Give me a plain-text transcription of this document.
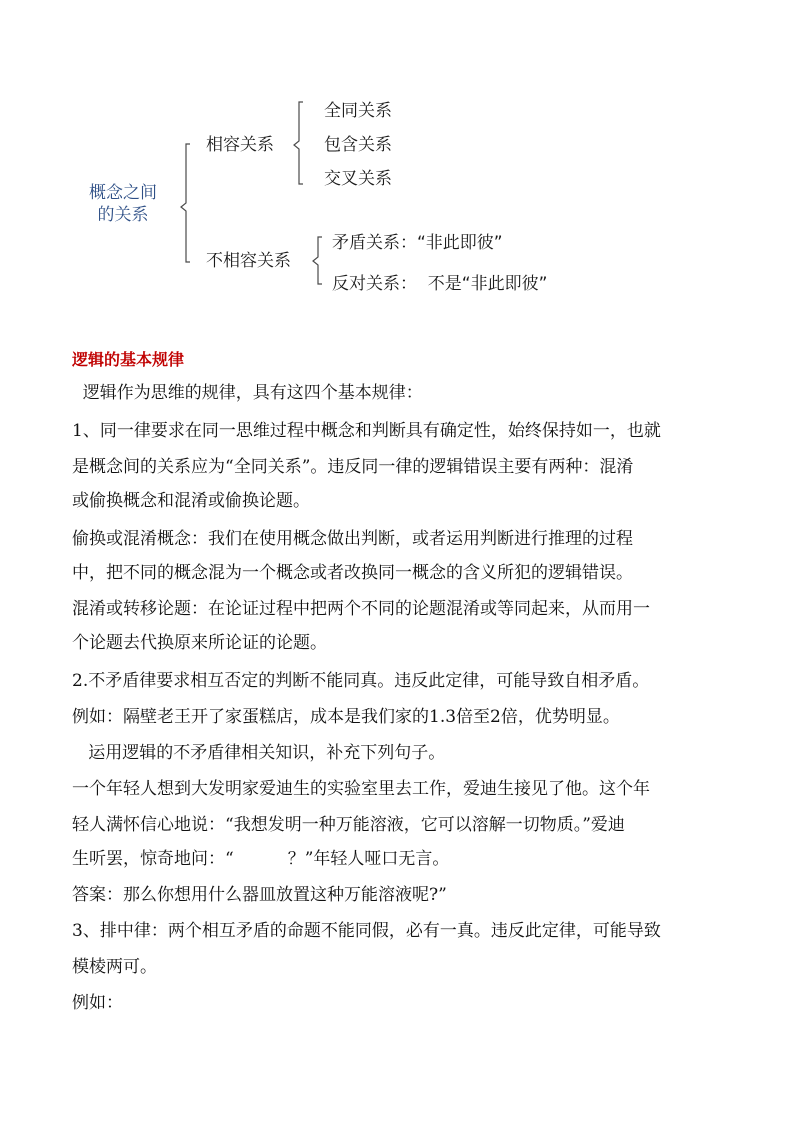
概念之间
的关系
相容关系
全同关系
包含关系
交叉关系
不相容关系
矛盾关系：“非此即彼”
反对关系：  不是“非此即彼”
逻辑的基本规律
逻辑作为思维的规律，具有这四个基本规律：
1、同一律要求在同一思维过程中概念和判断具有确定性，始终保持如一，也就
是概念间的关系应为“全同关系”。违反同一律的逻辑错误主要有两种：混淆
或偷换概念和混淆或偷换论题。
偷换或混淆概念：我们在使用概念做出判断，或者运用判断进行推理的过程
中，把不同的概念混为一个概念或者改换同一概念的含义所犯的逻辑错误。
混淆或转移论题：在论证过程中把两个不同的论题混淆或等同起来，从而用一
个论题去代换原来所论证的论题。
2.不矛盾律要求相互否定的判断不能同真。违反此定律，可能导致自相矛盾。
例如：隔壁老王开了家蛋糕店，成本是我们家的1.3倍至2倍，优势明显。
运用逻辑的不矛盾律相关知识，补充下列句子。
一个年轻人想到大发明家爱迪生的实验室里去工作，爱迪生接见了他。这个年
轻人满怀信心地说：“我想发明一种万能溶液，它可以溶解一切物质。”爱迪
生听罢，惊奇地问：“          ？”年轻人哑口无言。
答案：那么你想用什么器皿放置这种万能溶液呢?”
3、排中律：两个相互矛盾的命题不能同假，必有一真。违反此定律，可能导致
模棱两可。
例如：
